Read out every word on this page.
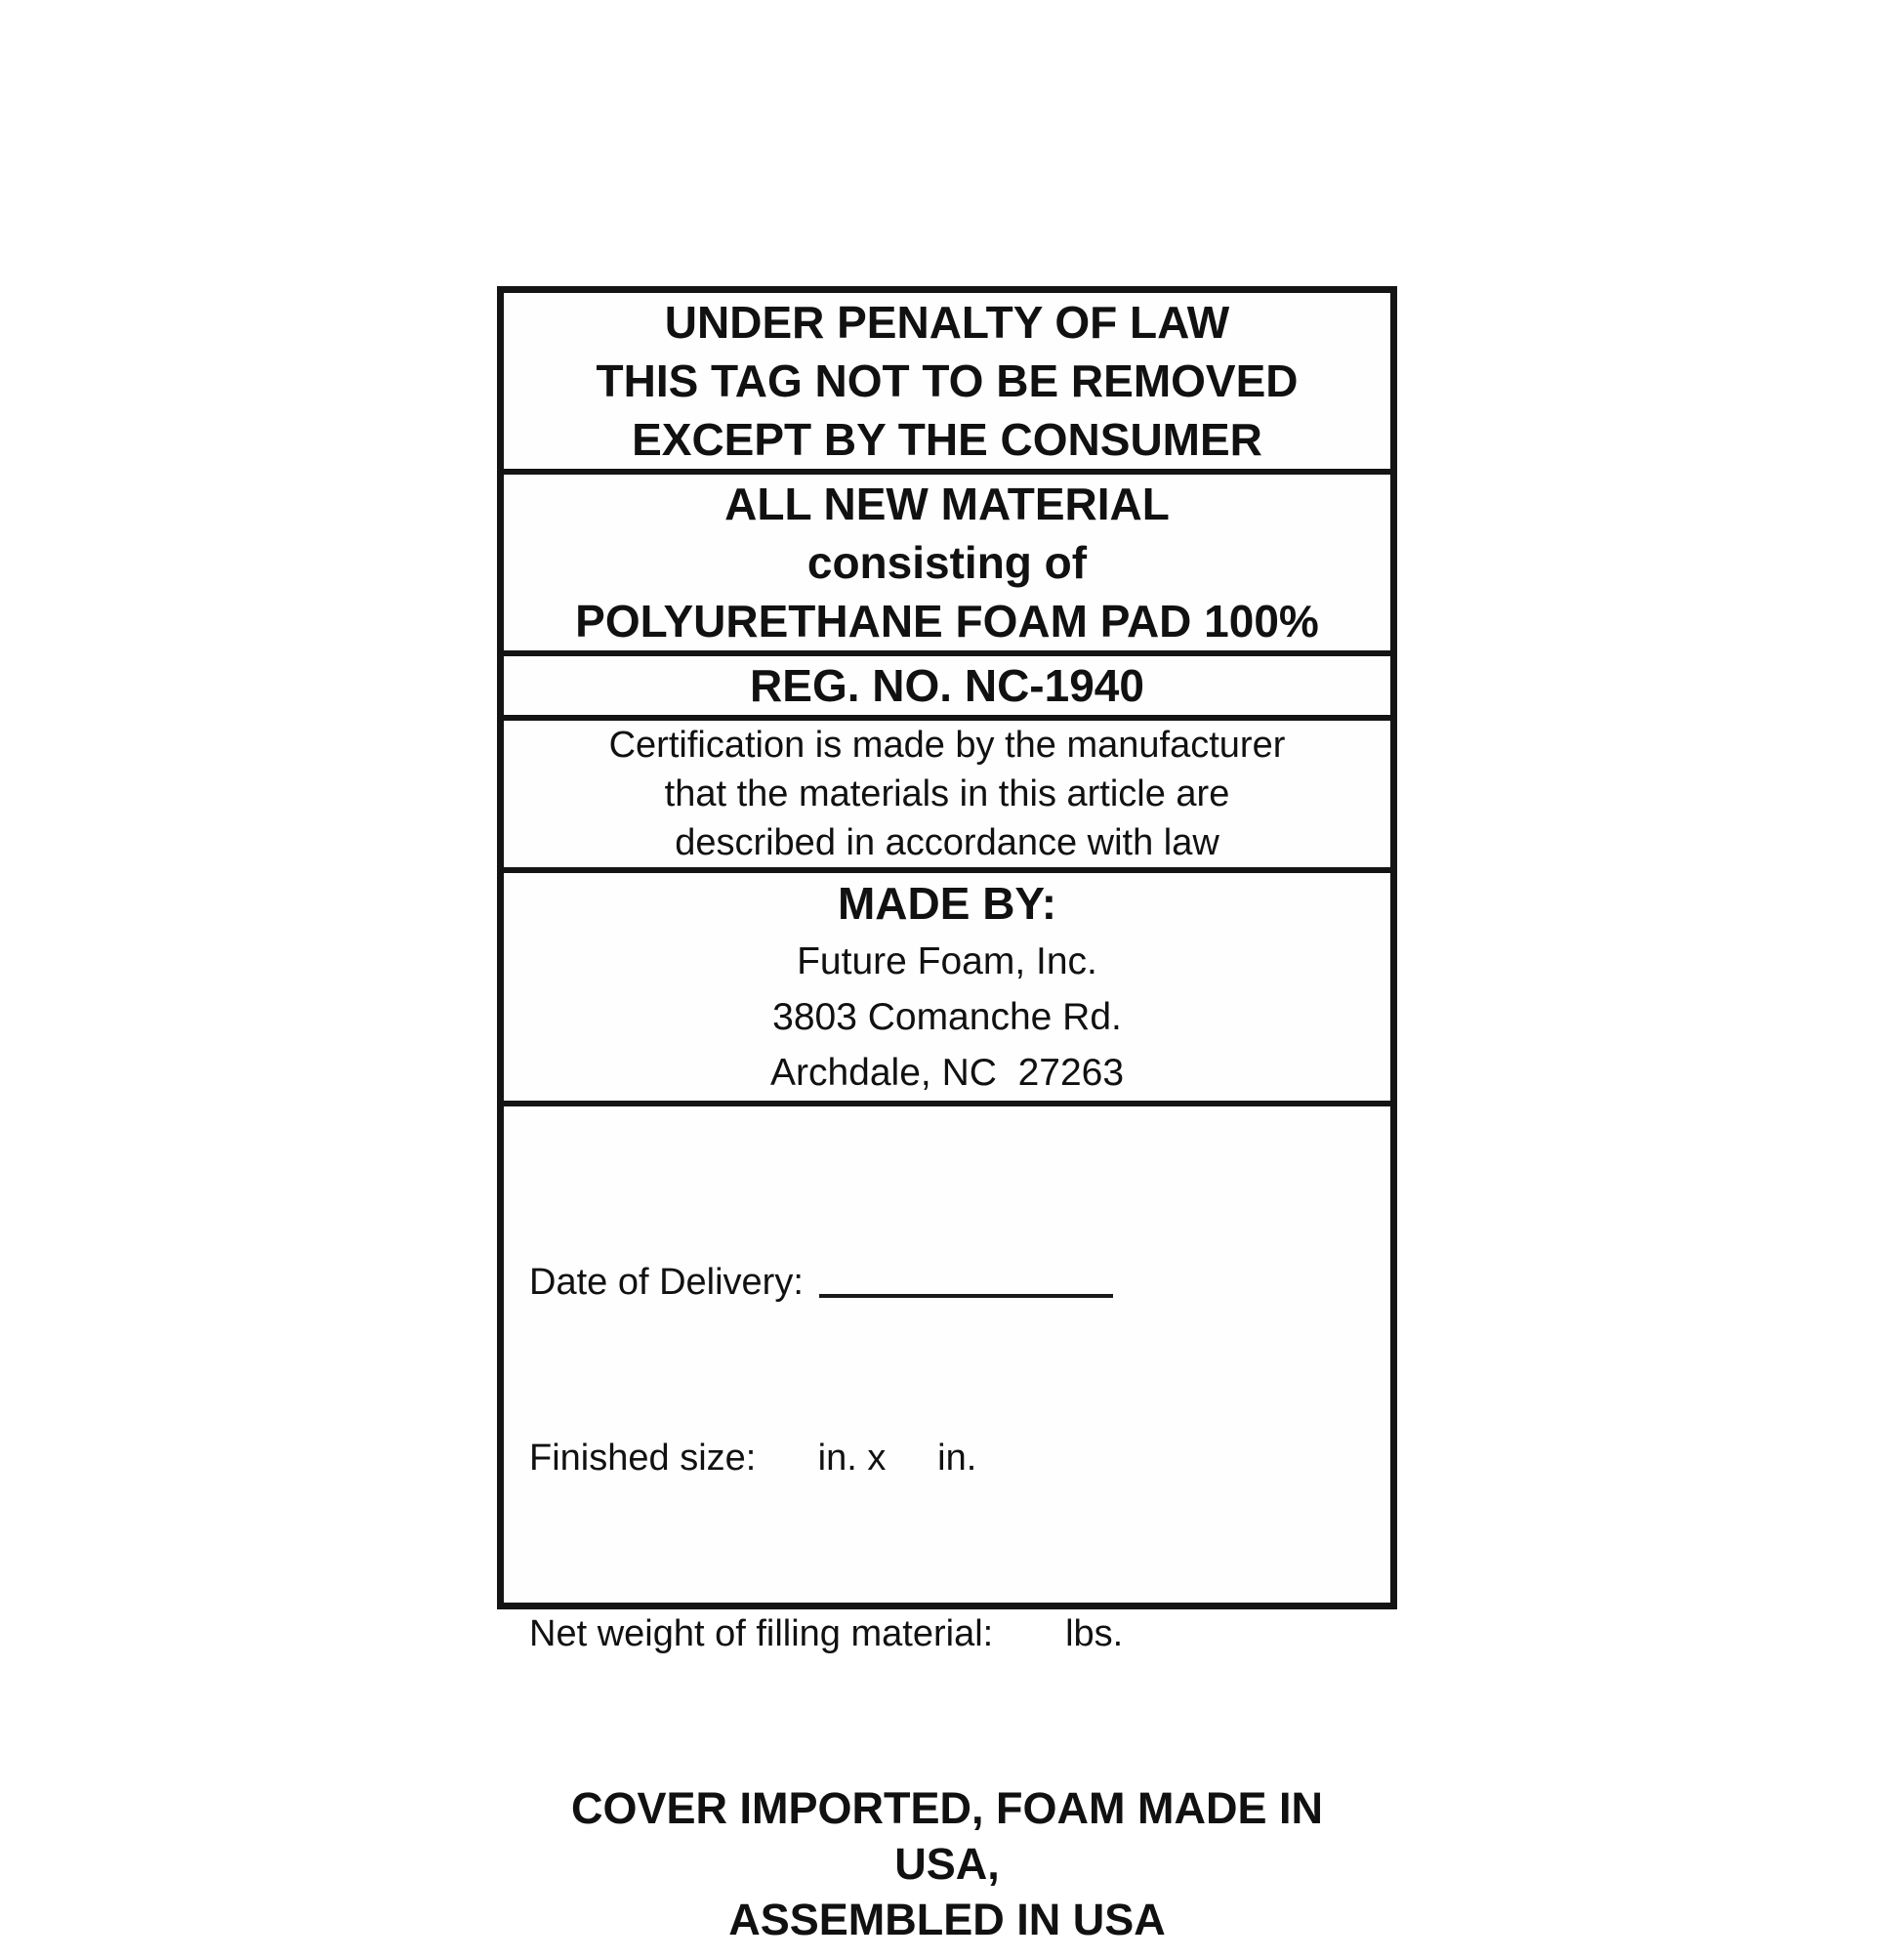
UNDER PENALTY OF LAW
THIS TAG NOT TO BE REMOVED
EXCEPT BY THE CONSUMER
ALL NEW MATERIAL
consisting of
POLYURETHANE FOAM PAD 100%
REG. NO. NC-1940
Certification is made by the manufacturer
that the materials in this article are
described in accordance with law
MADE BY:
Future Foam, Inc.
3803 Comanche Rd.
Archdale, NC  27263

Date of Delivery:

Finished size:      in. x     in.

Net weight of filling material:       lbs.

COVER IMPORTED, FOAM MADE IN USA,
ASSEMBLED IN USA
